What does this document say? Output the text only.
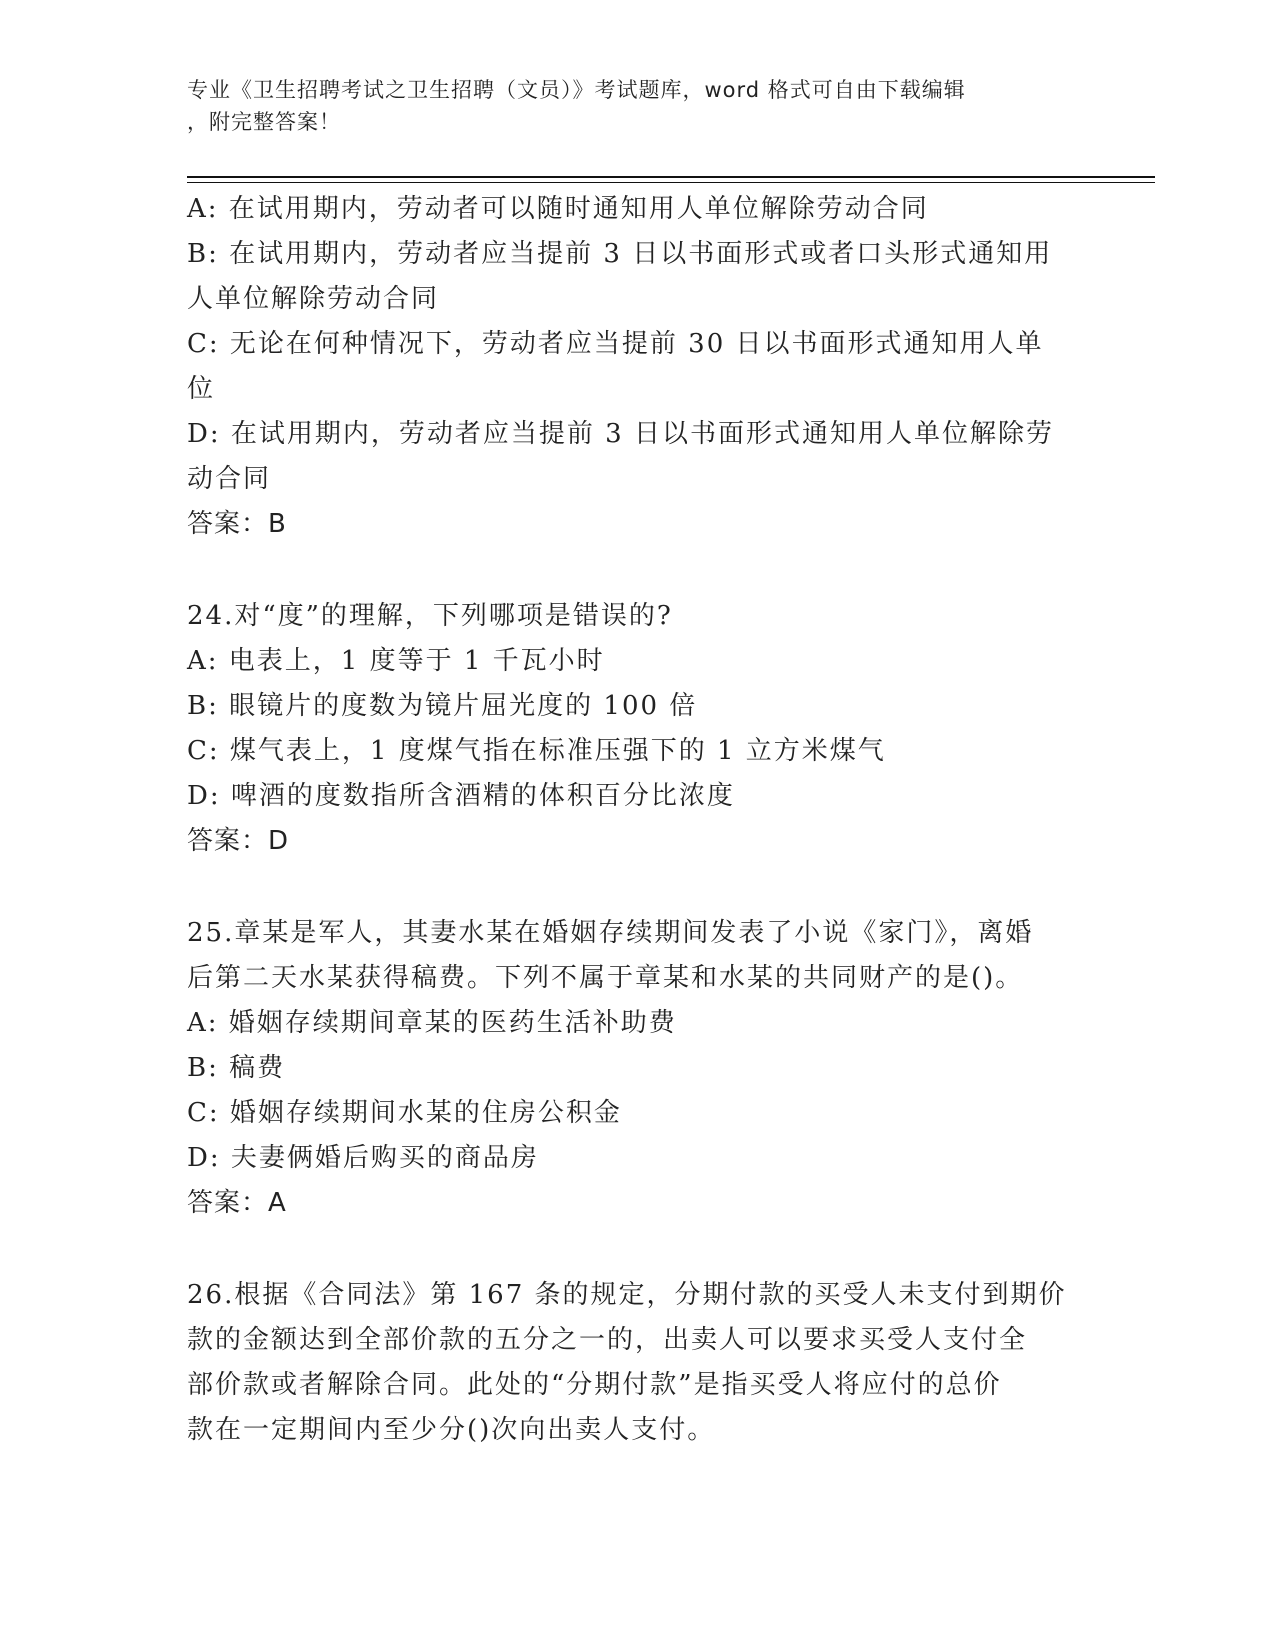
专业《卫生招聘考试之卫生招聘（文员）》考试题库，word 格式可自由下载编辑
，附完整答案！

A: 在试用期内，劳动者可以随时通知用人单位解除劳动合同

B: 在试用期内，劳动者应当提前 3 日以书面形式或者口头形式通知用

人单位解除劳动合同

C: 无论在何种情况下，劳动者应当提前 30 日以书面形式通知用人单

位

D: 在试用期内，劳动者应当提前 3 日以书面形式通知用人单位解除劳

动合同

答案：B

24.对“度”的理解，下列哪项是错误的?

A: 电表上，1 度等于 1 千瓦小时

B: 眼镜片的度数为镜片屈光度的 100 倍

C: 煤气表上，1 度煤气指在标准压强下的 1 立方米煤气

D: 啤酒的度数指所含酒精的体积百分比浓度

答案：D

25.章某是军人，其妻水某在婚姻存续期间发表了小说《家门》，离婚

后第二天水某获得稿费。下列不属于章某和水某的共同财产的是()。

A: 婚姻存续期间章某的医药生活补助费

B: 稿费

C: 婚姻存续期间水某的住房公积金

D: 夫妻俩婚后购买的商品房

答案：A

26.根据《合同法》第 167 条的规定，分期付款的买受人未支付到期价

款的金额达到全部价款的五分之一的，出卖人可以要求买受人支付全

部价款或者解除合同。此处的“分期付款”是指买受人将应付的总价

款在一定期间内至少分()次向出卖人支付。
